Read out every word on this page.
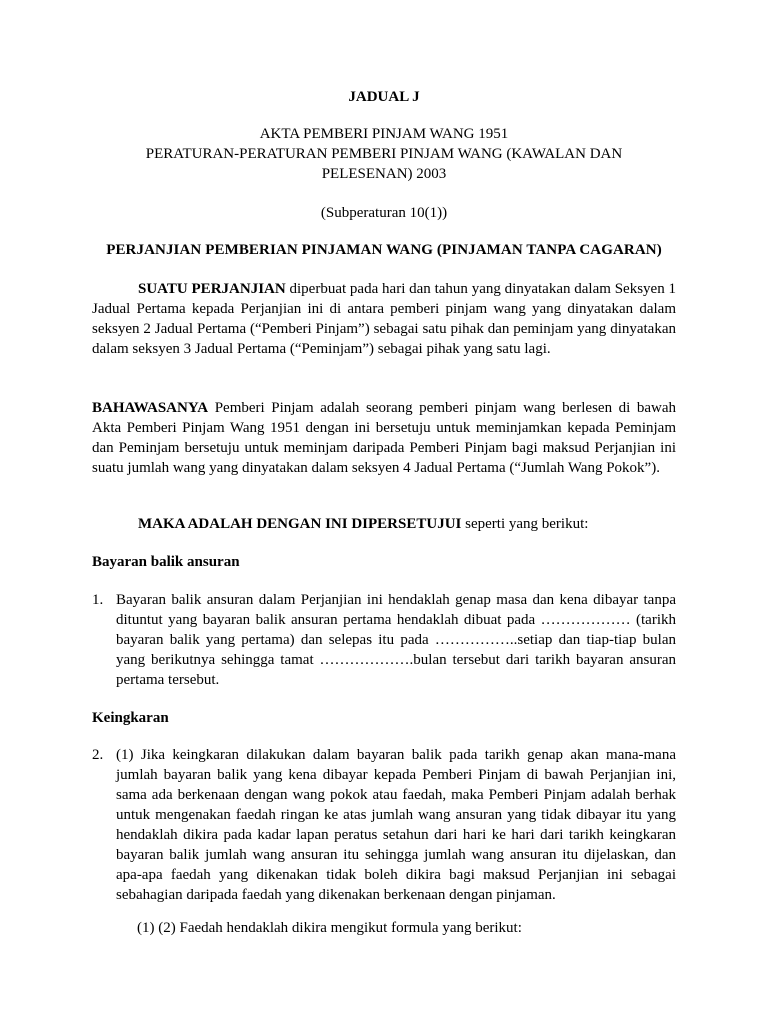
JADUAL J
AKTA PEMBERI PINJAM WANG 1951
PERATURAN-PERATURAN PEMBERI PINJAM WANG (KAWALAN DAN
PELESENAN) 2003
(Subperaturan 10(1))
PERJANJIAN PEMBERIAN PINJAMAN WANG (PINJAMAN TANPA CAGARAN)
SUATU PERJANJIAN diperbuat pada hari dan tahun yang dinyatakan dalam Seksyen 1 Jadual Pertama kepada Perjanjian ini di antara pemberi pinjam wang yang dinyatakan dalam seksyen 2 Jadual Pertama (“Pemberi Pinjam”) sebagai satu pihak dan peminjam yang dinyatakan dalam seksyen 3 Jadual Pertama (“Peminjam”) sebagai pihak yang satu lagi.
BAHAWASANYA Pemberi Pinjam adalah seorang pemberi pinjam wang berlesen di bawah Akta Pemberi Pinjam Wang 1951 dengan ini bersetuju untuk meminjamkan kepada Peminjam dan Peminjam bersetuju untuk meminjam daripada Pemberi Pinjam bagi maksud Perjanjian ini suatu jumlah wang yang dinyatakan dalam seksyen 4 Jadual Pertama (“Jumlah Wang Pokok”).
MAKA ADALAH DENGAN INI DIPERSETUJUI seperti yang berikut:
Bayaran balik ansuran
1. Bayaran balik ansuran dalam Perjanjian ini hendaklah genap masa dan kena dibayar tanpa dituntut yang bayaran balik ansuran pertama hendaklah dibuat pada ……………… (tarikh bayaran balik yang pertama) dan selepas itu pada ……………..setiap dan tiap-tiap bulan yang berikutnya sehingga tamat ……………….bulan tersebut dari tarikh bayaran ansuran pertama tersebut.
Keingkaran
2. (1) Jika keingkaran dilakukan dalam bayaran balik pada tarikh genap akan mana-mana jumlah bayaran balik yang kena dibayar kepada Pemberi Pinjam di bawah Perjanjian ini, sama ada berkenaan dengan wang pokok atau faedah, maka Pemberi Pinjam adalah berhak untuk mengenakan faedah ringan ke atas jumlah wang ansuran yang tidak dibayar itu yang hendaklah dikira pada kadar lapan peratus setahun dari hari ke hari dari tarikh keingkaran bayaran balik jumlah wang ansuran itu sehingga jumlah wang ansuran itu dijelaskan, dan apa-apa faedah yang dikenakan tidak boleh dikira bagi maksud Perjanjian ini sebagai sebahagian daripada faedah yang dikenakan berkenaan dengan pinjaman.
(1) (2) Faedah hendaklah dikira mengikut formula yang berikut:
